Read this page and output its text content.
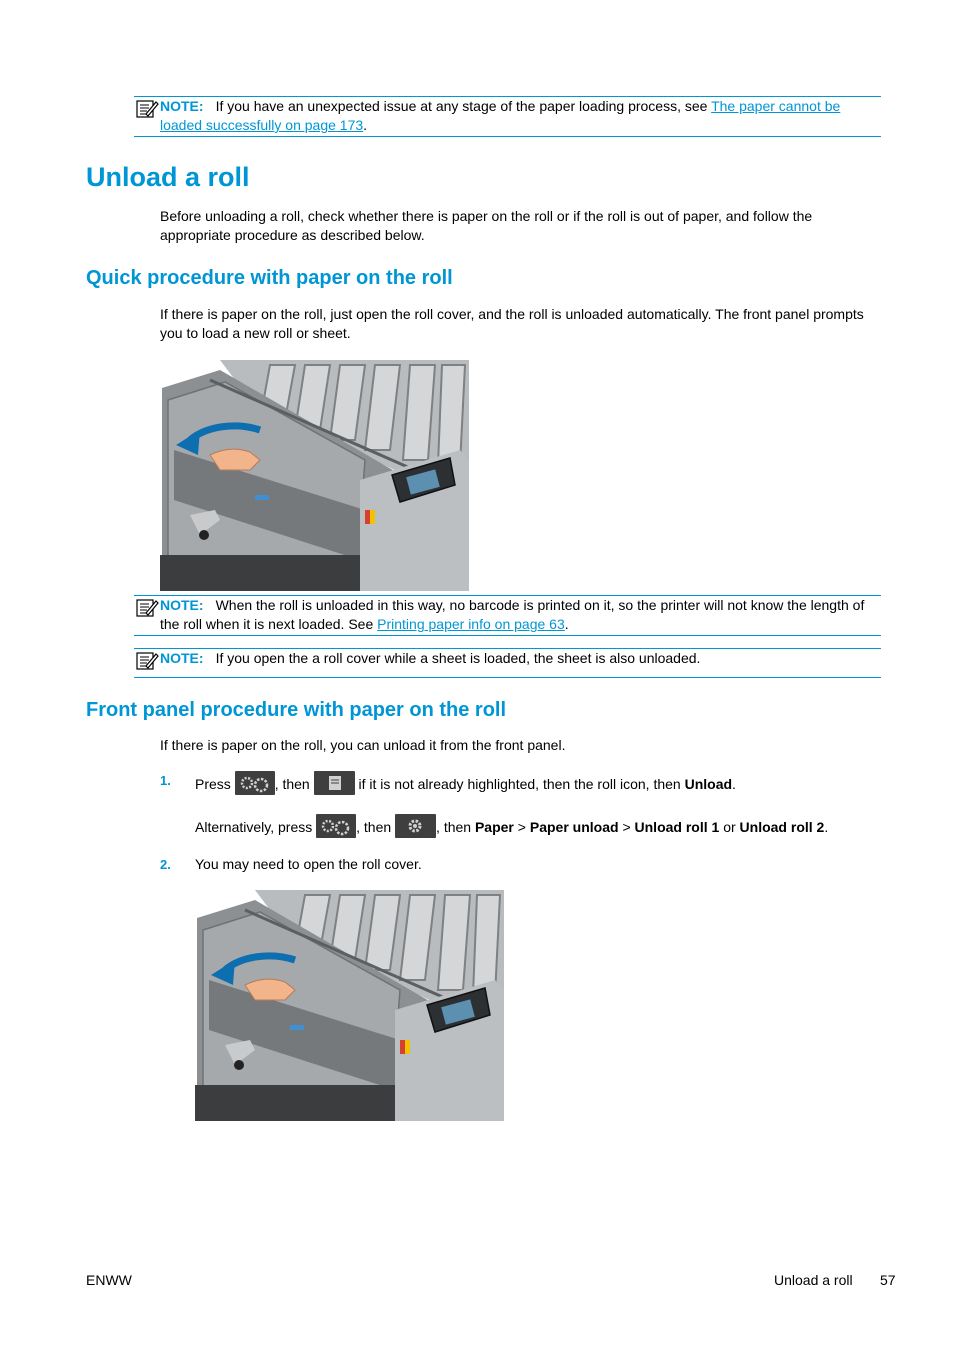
NOTE: If you have an unexpected issue at any stage of the paper loading process, see The paper cannot be loaded successfully on page 173.
Unload a roll
Before unloading a roll, check whether there is paper on the roll or if the roll is out of paper, and follow the appropriate procedure as described below.
Quick procedure with paper on the roll
If there is paper on the roll, just open the roll cover, and the roll is unloaded automatically. The front panel prompts you to load a new roll or sheet.
NOTE: When the roll is unloaded in this way, no barcode is printed on it, so the printer will not know the length of the roll when it is next loaded. See Printing paper info on page 63.
NOTE: If you open the a roll cover while a sheet is loaded, the sheet is also unloaded.
Front panel procedure with paper on the roll
If there is paper on the roll, you can unload it from the front panel.
1. Press	, then	if it is not already highlighted, then the roll icon, then Unload.
Alternatively, press	, then	, then Paper > Paper unload > Unload roll 1 or Unload roll 2.
2. You may need to open the roll cover.
ENWW	Unload a roll 57
